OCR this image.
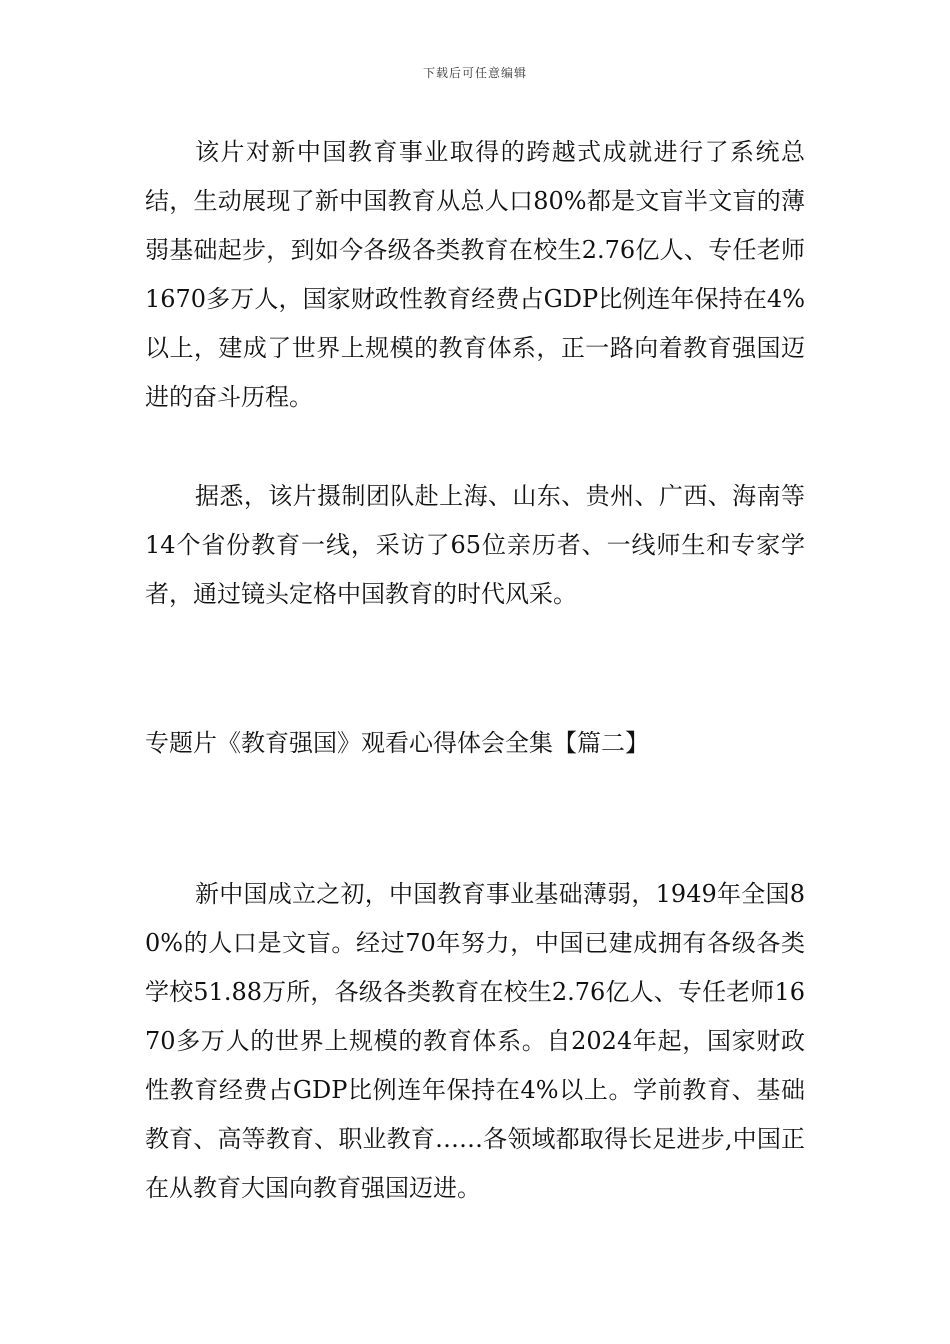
下载后可任意编辑

该片对新中国教育事业取得的跨越式成就进行了系统总结，生动展现了新中国教育从总人口80%都是文盲半文盲的薄弱基础起步，到如今各级各类教育在校生2.76亿人、专任老师1670多万人，国家财政性教育经费占GDP比例连年保持在4%以上，建成了世界上规模的教育体系，正一路向着教育强国迈进的奋斗历程。

据悉，该片摄制团队赴上海、山东、贵州、广西、海南等14个省份教育一线，采访了65位亲历者、一线师生和专家学者，通过镜头定格中国教育的时代风采。

专题片《教育强国》观看心得体会全集【篇二】

新中国成立之初，中国教育事业基础薄弱，1949年全国80%的人口是文盲。经过70年努力，中国已建成拥有各级各类学校51.88万所，各级各类教育在校生2.76亿人、专任老师1670多万人的世界上规模的教育体系。自2024年起，国家财政性教育经费占GDP比例连年保持在4%以上。学前教育、基础教育、高等教育、职业教育……各领域都取得长足进步,中国正在从教育大国向教育强国迈进。
